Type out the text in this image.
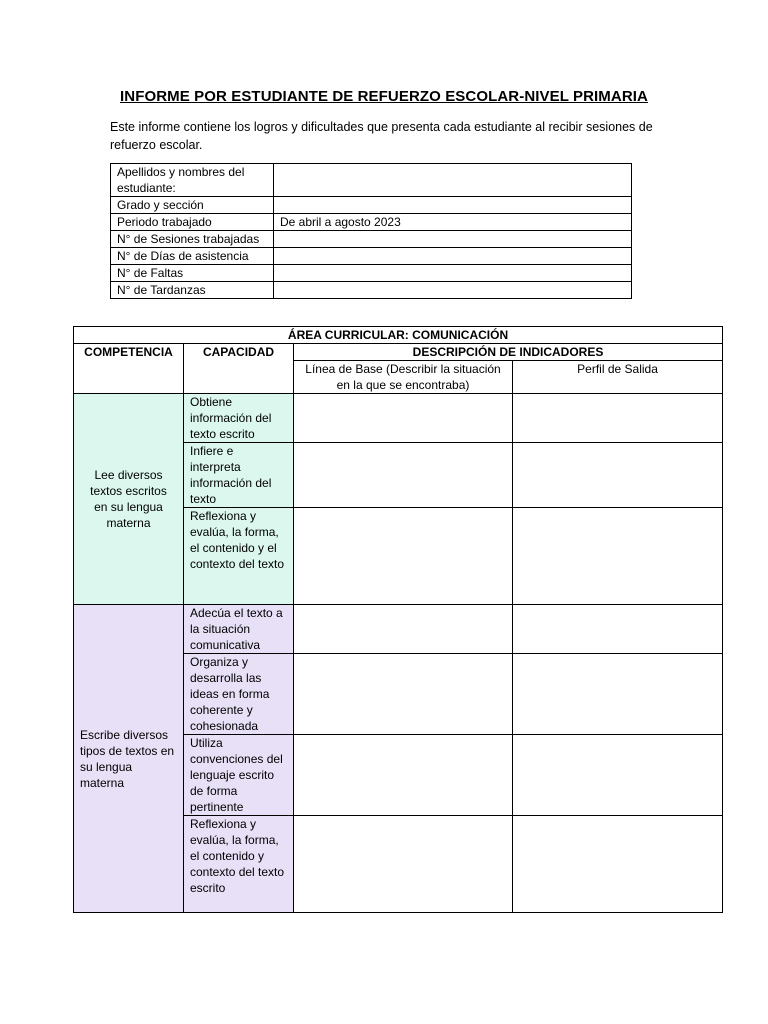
INFORME POR ESTUDIANTE DE REFUERZO ESCOLAR-NIVEL PRIMARIA
Este informe contiene los logros y dificultades que presenta cada estudiante al recibir sesiones de refuerzo escolar.
Apellidos y nombres del estudiante:	
Grado y sección	
Periodo trabajado	De abril a agosto 2023
N° de Sesiones trabajadas	
N° de Días de asistencia	
N° de Faltas	
N° de Tardanzas	
ÁREA CURRICULAR: COMUNICACIÓN			
COMPETENCIA	CAPACIDAD	DESCRIPCIÓN DE INDICADORES	
		Línea de Base (Describir la situación en la que se encontraba)	Perfil de Salida
Lee diversos textos escritos en su lengua materna	Obtiene información del texto escrito		
	Infiere e interpreta información del texto		
	Reflexiona y evalúa, la forma, el contenido y el contexto del texto		
Escribe diversos tipos de textos en su lengua materna	Adecúa el texto a la situación comunicativa		
	Organiza y desarrolla las ideas en forma coherente y cohesionada		
	Utiliza convenciones del lenguaje escrito de forma pertinente		
	Reflexiona y evalúa, la forma, el contenido y contexto del texto escrito		
